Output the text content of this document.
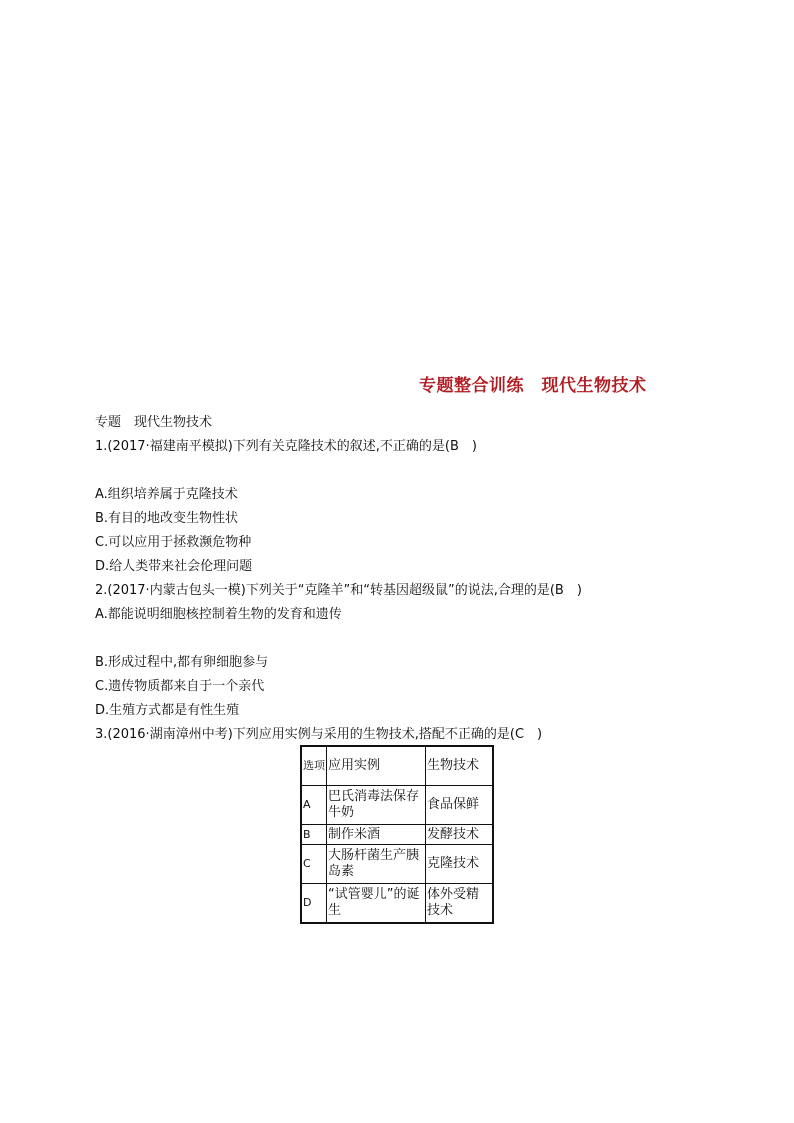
专题整合训练　现代生物技术
专题　现代生物技术
1.(2017·福建南平模拟)下列有关克隆技术的叙述,不正确的是(B　)
A.组织培养属于克隆技术
B.有目的地改变生物性状
C.可以应用于拯救濒危物种
D.给人类带来社会伦理问题
2.(2017·内蒙古包头一模)下列关于“克隆羊”和“转基因超级鼠”的说法,合理的是(B　)
A.都能说明细胞核控制着生物的发育和遗传
B.形成过程中,都有卵细胞参与
C.遗传物质都来自于一个亲代
D.生殖方式都是有性生殖
3.(2016·湖南漳州中考)下列应用实例与采用的生物技术,搭配不正确的是(C　)
选项	应用实例	生物技术
A	巴氏消毒法保存牛奶	食品保鲜
B	制作米酒	发酵技术
C	大肠杆菌生产胰岛素	克隆技术
D	“试管婴儿”的诞生	体外受精技术
